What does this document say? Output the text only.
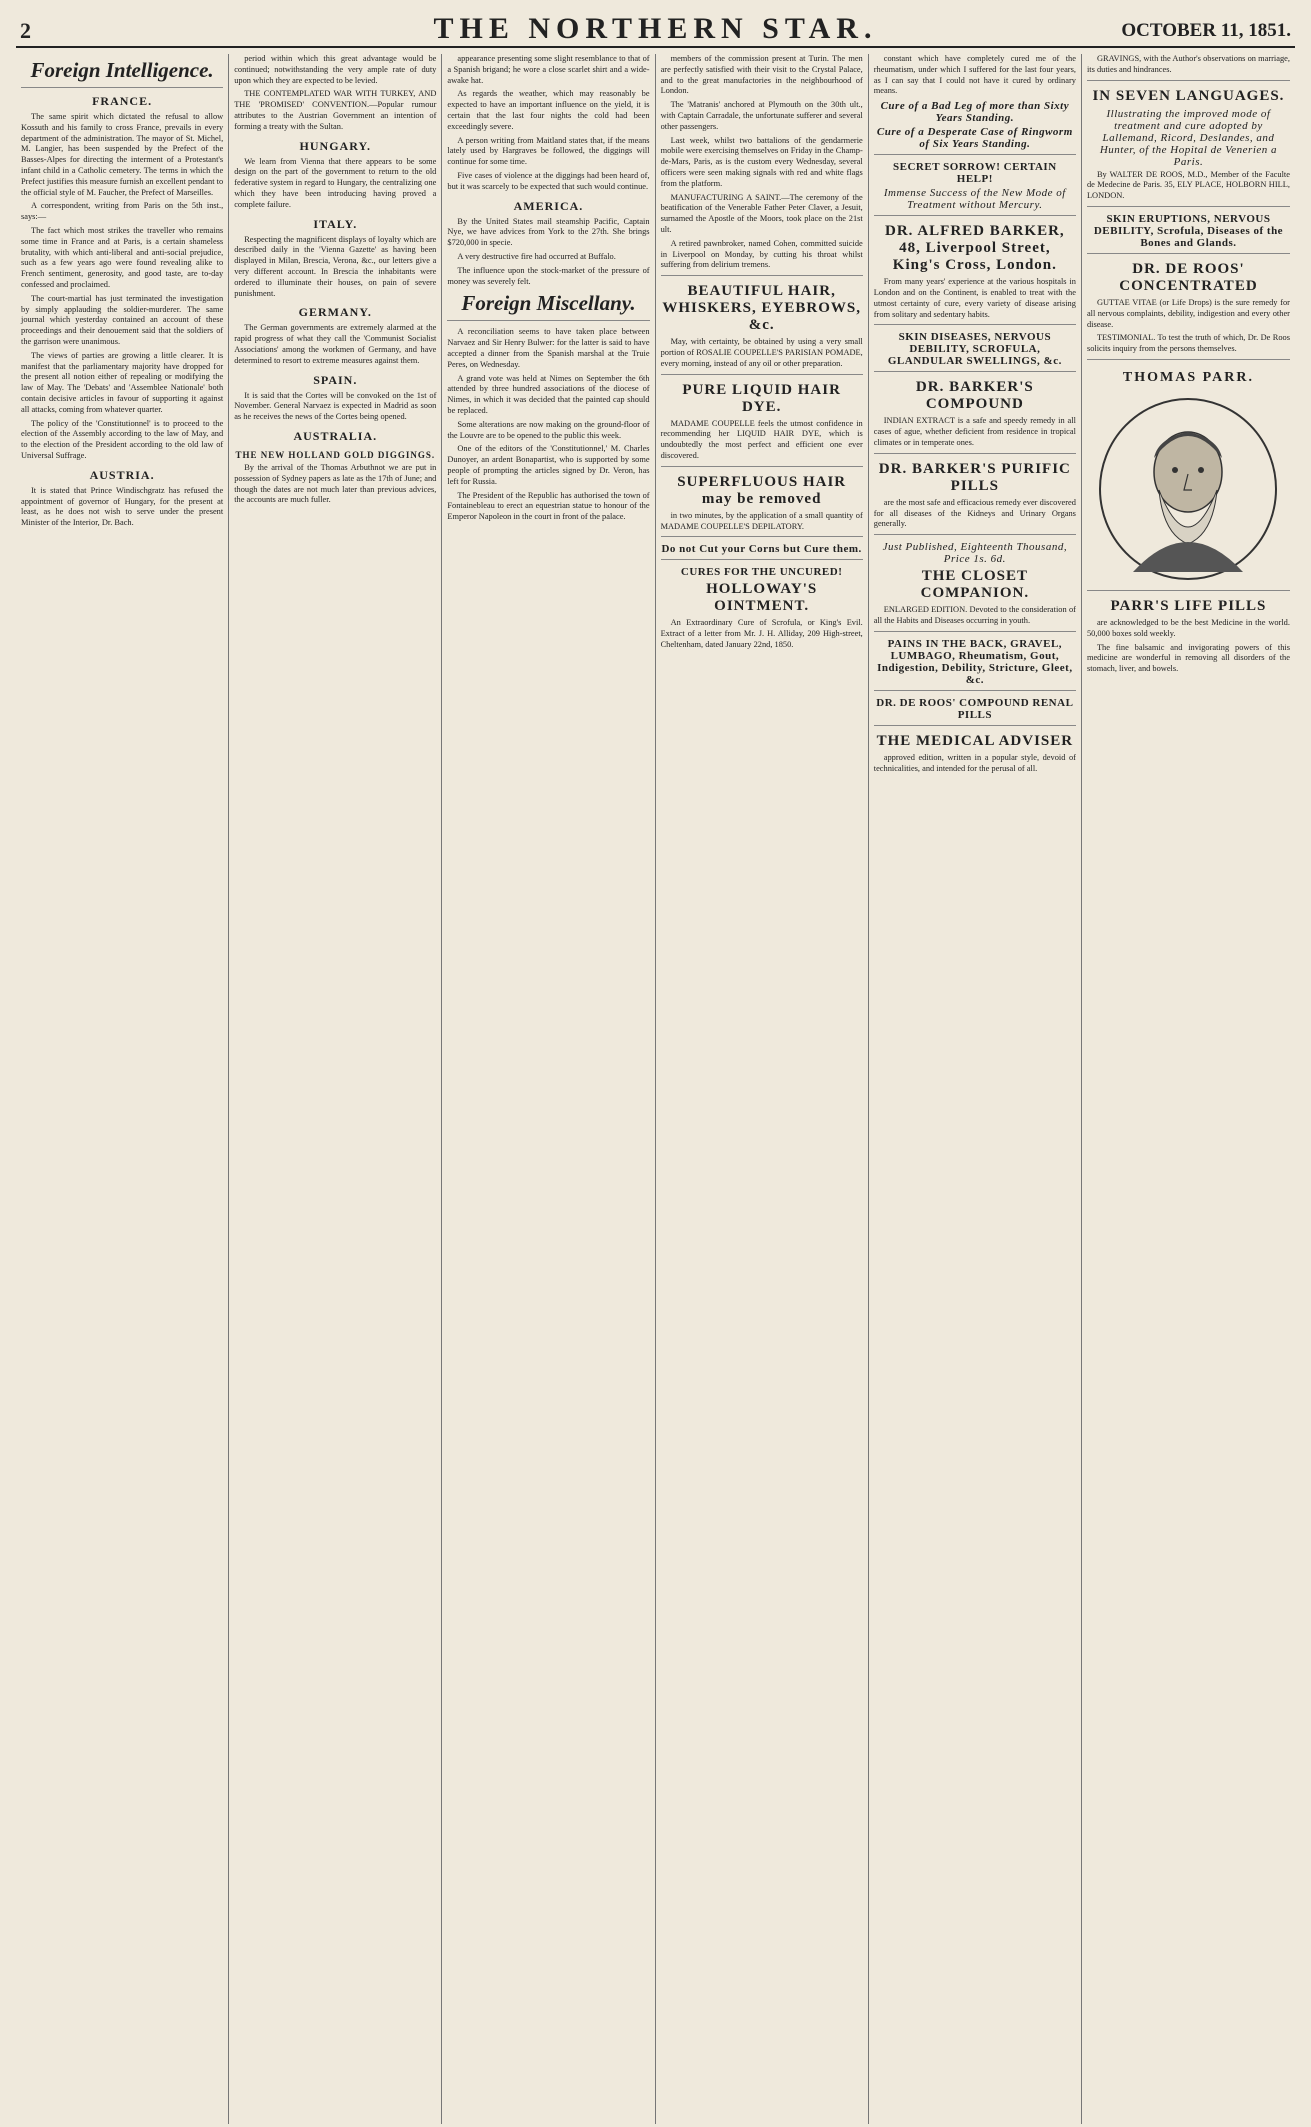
2	THE NORTHERN STAR.	OCTOBER 11, 1851.
Foreign Intelligence.
FRANCE.

The same spirit which dictated the refusal to allow Kossuth and his family to cross France, prevails in every department of the administration. The mayor of St. Michel, M. Langier, has been suspended by the Prefect of the Basses-Alpes for directing the interment of a Protestant's infant child in a Catholic cemetery. The terms in which the Prefect justifies this measure furnish an excellent pendant to the official style of M. Faucher, the Prefect of Marseilles.

A correspondent, writing from Paris on the 5th inst., says:—

The fact which most strikes the traveller who remains some time in France and at Paris, is a certain shameless brutality, with which anti-liberal and anti-social prejudice, such as a few years ago were found revealing alike to French sentiment, generosity, and good taste, are to-day confessed and proclaimed.

The court-martial has just terminated the investigation by simply applauding the soldier-murderer. The same journal which yesterday contained an account of these proceedings and their denouement said that the soldiers of the garrison were unanimous.

The views of parties are growing a little clearer. It is manifest that the parliamentary majority have dropped for the present all notion either of repealing or modifying the law of May. The 'Debats' and 'Assemblee Nationale' both contain decisive articles in favour of supporting it against all attacks, coming from whatever quarter.

The policy of the 'Constitutionnel' is to proceed to the election of the Assembly according to the law of May, and to the election of the President according to the old law of Universal Suffrage.

AUSTRIA.

It is stated that Prince Windischgratz has refused the appointment of governor of Hungary, for the present at least, as he does not wish to serve under the present Minister of the Interior, Dr. Bach.

period within which this great advantage would be continued; notwithstanding the very ample rate of duty upon which they are expected to be levied.

THE CONTEMPLATED WAR WITH TURKEY, AND THE 'PROMISED' CONVENTION.—Popular rumour attributes to the Austrian Government an intention of forming a treaty with the Sultan.

HUNGARY.

We learn from Vienna that there appears to be some design on the part of the government to return to the old federative system in regard to Hungary, the centralizing one which they have been introducing having proved a complete failure.

ITALY.

Respecting the magnificent displays of loyalty which are described daily in the 'Vienna Gazette' as having been displayed in Milan, Brescia, Verona, &c., our letters give a very different account. In Brescia the inhabitants were ordered to illuminate their houses, on pain of severe punishment.

GERMANY.

The German governments are extremely alarmed at the rapid progress of what they call the 'Communist Socialist Associations' among the workmen of Germany, and have determined to resort to extreme measures against them.

SPAIN.

It is said that the Cortes will be convoked on the 1st of November. General Narvaez is expected in Madrid as soon as he receives the news of the Cortes being opened.

AUSTRALIA.
THE NEW HOLLAND GOLD DIGGINGS.

By the arrival of the Thomas Arbuthnot we are put in possession of Sydney papers as late as the 17th of June; and though the dates are not much later than previous advices, the accounts are much fuller.

appearance presenting some slight resemblance to that of a Spanish brigand; he wore a close scarlet shirt and a wide-awake hat.

As regards the weather, which may reasonably be expected to have an important influence on the yield, it is certain that the last four nights the cold had been exceedingly severe.

A person writing from Maitland states that, if the means lately used by Hargraves be followed, the diggings will continue for some time.

Five cases of violence at the diggings had been heard of, but it was scarcely to be expected that such would continue.

AMERICA.

By the United States mail steamship Pacific, Captain Nye, we have advices from York to the 27th. She brings $720,000 in specie.

A very destructive fire had occurred at Buffalo.

The influence upon the stock-market of the pressure of money was severely felt.

Foreign Miscellany.

A reconciliation seems to have taken place between Narvaez and Sir Henry Bulwer: for the latter is said to have accepted a dinner from the Spanish marshal at the Truie Peres, on Wednesday.

A grand vote was held at Nimes on September the 6th attended by three hundred associations of the diocese of Nimes, in which it was decided that the painted cap should be replaced.

Some alterations are now making on the ground-floor of the Louvre are to be opened to the public this week.

One of the editors of the 'Constitutionnel,' M. Charles Dunoyer, an ardent Bonapartist, who is supported by some people of prompting the articles signed by Dr. Veron, has left for Russia.

The President of the Republic has authorised the town of Fontainebleau to erect an equestrian statue to honour of the Emperor Napoleon in the court in front of the palace.

members of the commission present at Turin. The men are perfectly satisfied with their visit to the Crystal Palace, and to the great manufactories in the neighbourhood of London.

The 'Matranis' anchored at Plymouth on the 30th ult., with Captain Carradale, the unfortunate sufferer and several other passengers.

Last week, whilst two battalions of the gendarmerie mobile were exercising themselves on Friday in the Champ-de-Mars, Paris, as is the custom every Wednesday, several officers were seen making signals with red and white flags from the platform.

MANUFACTURING A SAINT.—The ceremony of the beatification of the Venerable Father Peter Claver, a Jesuit, surnamed the Apostle of the Moors, took place on the 21st ult.

A retired pawnbroker, named Cohen, committed suicide in Liverpool on Monday, by cutting his throat whilst suffering from delirium tremens.

BEAUTIFUL HAIR, WHISKERS, EYEBROWS, &c.

May, with certainty, be obtained by using a very small portion of ROSALIE COUPELLE'S PARISIAN POMADE, every morning, instead of any oil or other preparation.

PURE LIQUID HAIR DYE.

MADAME COUPELLE feels the utmost confidence in recommending her LIQUID HAIR DYE, which is undoubtedly the most perfect and efficient one ever discovered.

SUPERFLUOUS HAIR may be removed

in two minutes, by the application of a small quantity of MADAME COUPELLE'S DEPILATORY.

Do not Cut your Corns but Cure them.
CURES FOR THE UNCURED!
HOLLOWAY'S OINTMENT.

An Extraordinary Cure of Scrofula, or King's Evil. Extract of a letter from Mr. J. H. Alliday, 209 High-street, Cheltenham, dated January 22nd, 1850.

constant which have completely cured me of the rheumatism, under which I suffered for the last four years, as I can say that I could not have it cured by ordinary means.

Cure of a Bad Leg of more than Sixty Years Standing.
Cure of a Desperate Case of Ringworm of Six Years Standing.
SECRET SORROW! CERTAIN HELP!
Immense Success of the New Mode of Treatment without Mercury.
DR. ALFRED BARKER, 48, Liverpool Street, King's Cross, London.

From many years' experience at the various hospitals in London and on the Continent, is enabled to treat with the utmost certainty of cure, every variety of disease arising from solitary and sedentary habits.

SKIN DISEASES, NERVOUS DEBILITY, SCROFULA, GLANDULAR SWELLINGS, &c.
DR. BARKER'S COMPOUND

INDIAN EXTRACT is a safe and speedy remedy in all cases of ague, whether deficient from residence in tropical climates or in temperate ones.

DR. BARKER'S PURIFIC PILLS

are the most safe and efficacious remedy ever discovered for all diseases of the Kidneys and Urinary Organs generally.

Just Published, Eighteenth Thousand, Price 1s. 6d.
THE CLOSET COMPANION.

ENLARGED EDITION. Devoted to the consideration of all the Habits and Diseases occurring in youth.

PAINS IN THE BACK, GRAVEL, LUMBAGO, Rheumatism, Gout, Indigestion, Debility, Stricture, Gleet, &c.
DR. DE ROOS' COMPOUND RENAL PILLS
THE MEDICAL ADVISER

approved edition, written in a popular style, devoid of technicalities, and intended for the perusal of all.

GRAVINGS, with the Author's observations on marriage, its duties and hindrances.

IN SEVEN LANGUAGES.
Illustrating the improved mode of treatment and cure adopted by Lallemand, Ricord, Deslandes, and Hunter, of the Hopital de Venerien a Paris.

By WALTER DE ROOS, M.D., Member of the Faculte de Medecine de Paris. 35, ELY PLACE, HOLBORN HILL, LONDON.

SKIN ERUPTIONS, NERVOUS DEBILITY, Scrofula, Diseases of the Bones and Glands.
DR. DE ROOS' CONCENTRATED

GUTTAE VITAE (or Life Drops) is the sure remedy for all nervous complaints, debility, indigestion and every other disease.

TESTIMONIAL. To test the truth of which, Dr. De Roos solicits inquiry from the persons themselves.

THOMAS PARR.
PARR'S LIFE PILLS

are acknowledged to be the best Medicine in the world. 50,000 boxes sold weekly.

The fine balsamic and invigorating powers of this medicine are wonderful in removing all disorders of the stomach, liver, and bowels.
